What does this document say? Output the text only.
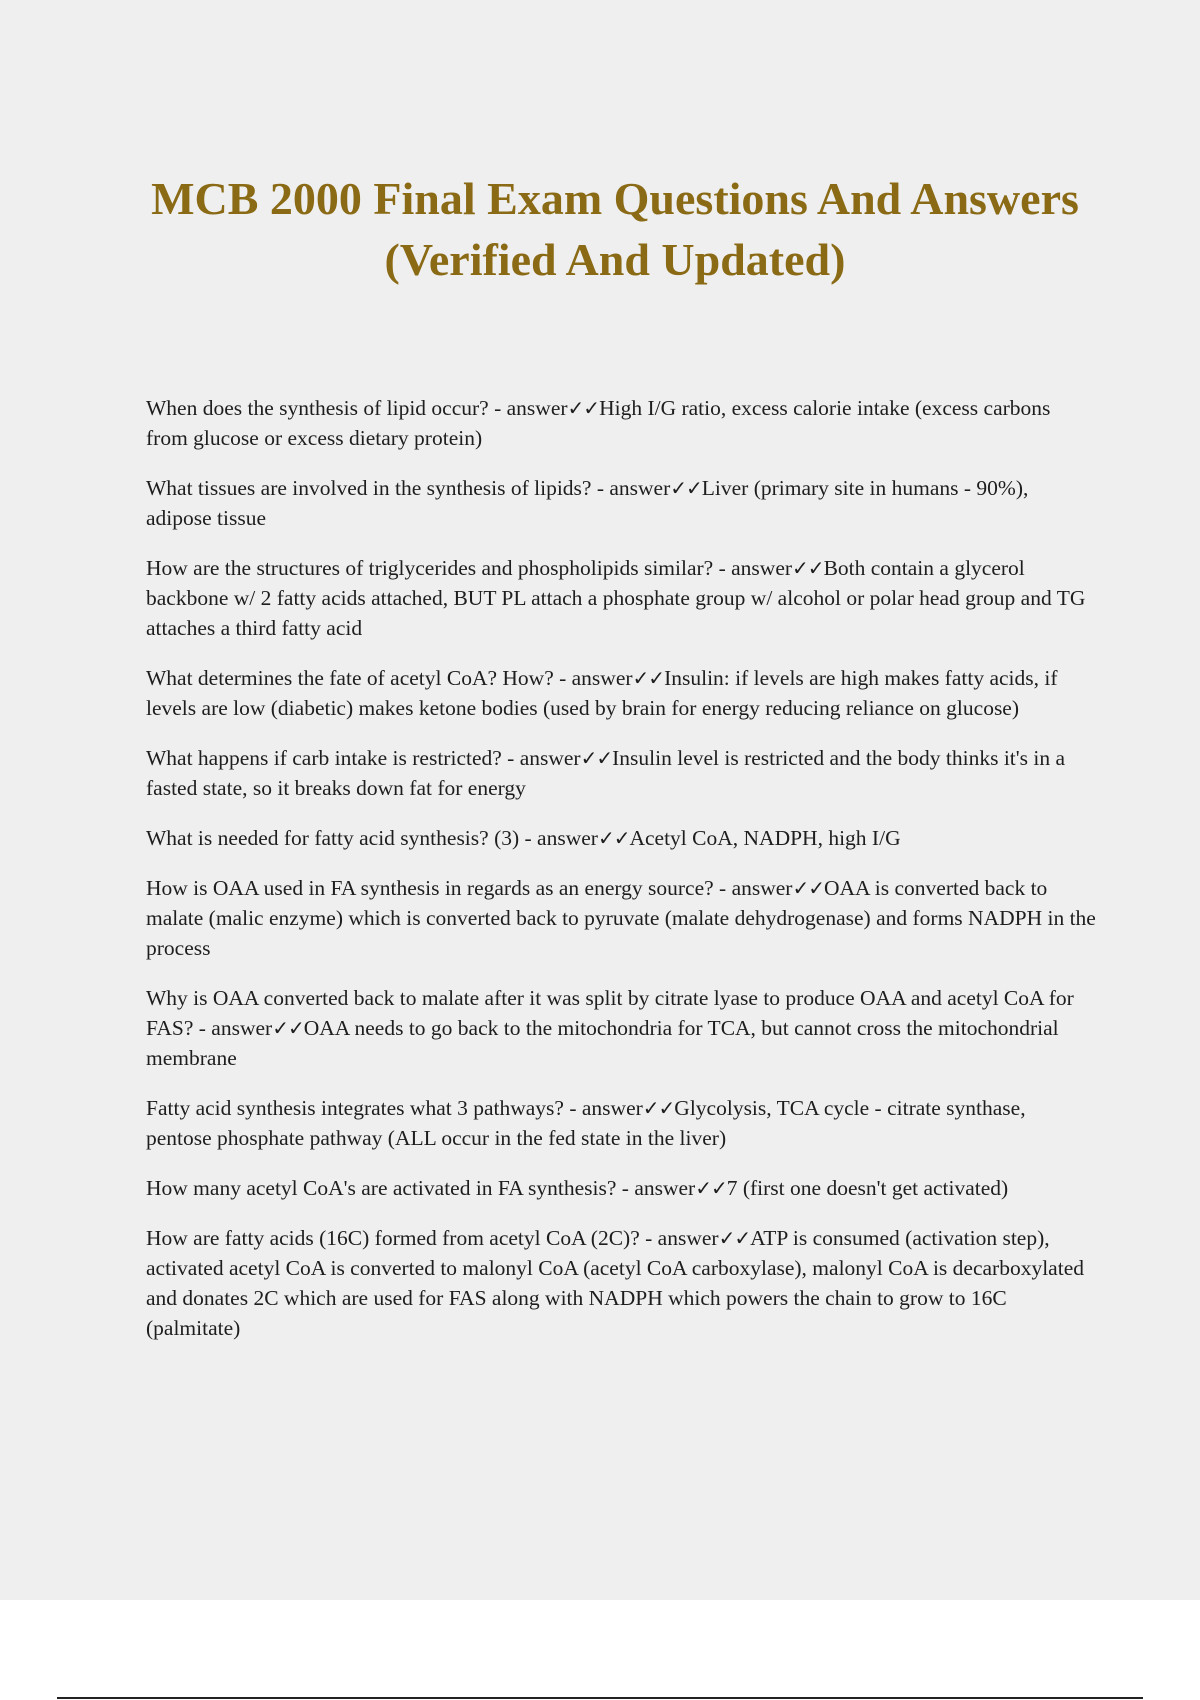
MCB 2000 Final Exam Questions And Answers (Verified And Updated)
When does the synthesis of lipid occur? - answer✓✓High I/G ratio, excess calorie intake (excess carbons from glucose or excess dietary protein)
What tissues are involved in the synthesis of lipids? - answer✓✓Liver (primary site in humans - 90%), adipose tissue
How are the structures of triglycerides and phospholipids similar? - answer✓✓Both contain a glycerol backbone w/ 2 fatty acids attached, BUT PL attach a phosphate group w/ alcohol or polar head group and TG attaches a third fatty acid
What determines the fate of acetyl CoA? How? - answer✓✓Insulin: if levels are high makes fatty acids, if levels are low (diabetic) makes ketone bodies (used by brain for energy reducing reliance on glucose)
What happens if carb intake is restricted? - answer✓✓Insulin level is restricted and the body thinks it's in a fasted state, so it breaks down fat for energy
What is needed for fatty acid synthesis? (3) - answer✓✓Acetyl CoA, NADPH, high I/G
How is OAA used in FA synthesis in regards as an energy source? - answer✓✓OAA is converted back to malate (malic enzyme) which is converted back to pyruvate (malate dehydrogenase) and forms NADPH in the process
Why is OAA converted back to malate after it was split by citrate lyase to produce OAA and acetyl CoA for FAS? - answer✓✓OAA needs to go back to the mitochondria for TCA, but cannot cross the mitochondrial membrane
Fatty acid synthesis integrates what 3 pathways? - answer✓✓Glycolysis, TCA cycle - citrate synthase, pentose phosphate pathway (ALL occur in the fed state in the liver)
How many acetyl CoA's are activated in FA synthesis? - answer✓✓7 (first one doesn't get activated)
How are fatty acids (16C) formed from acetyl CoA (2C)? - answer✓✓ATP is consumed (activation step), activated acetyl CoA is converted to malonyl CoA (acetyl CoA carboxylase), malonyl CoA is decarboxylated and donates 2C which are used for FAS along with NADPH which powers the chain to grow to 16C (palmitate)
